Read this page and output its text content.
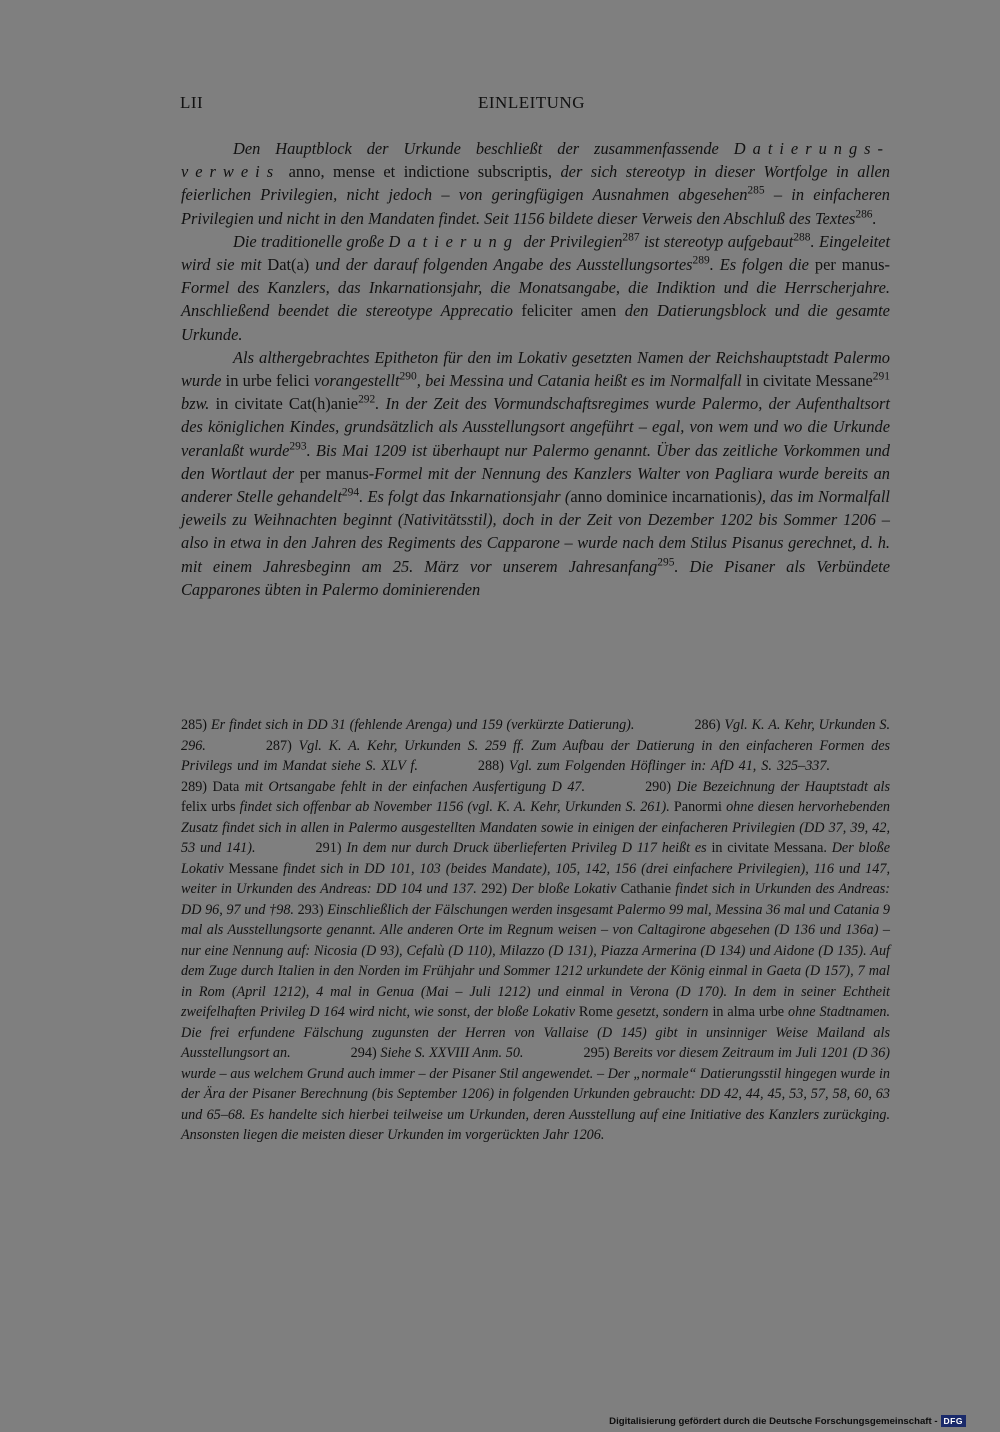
LII	EINLEITUNG

Den Hauptblock der Urkunde beschließt der zusammenfassende Datierungs-verweis anno, mense et indictione subscriptis, der sich stereotyp in dieser Wortfolge in allen feierlichen Privilegien, nicht jedoch – von geringfügigen Ausnahmen abgesehen$^{285}$ – in einfacheren Privilegien und nicht in den Mandaten findet. Seit 1156 bildete dieser Verweis den Abschluß des Textes$^{286}$.

Die traditionelle große Datierung der Privilegien$^{287}$ ist stereotyp aufgebaut$^{288}$. Eingeleitet wird sie mit Dat(a) und der darauf folgenden Angabe des Ausstellungsortes$^{289}$. Es folgen die per manus-Formel des Kanzlers, das Inkarnationsjahr, die Monatsangabe, die Indiktion und die Herrscherjahre. Anschließend beendet die stereotype Apprecatio feliciter amen den Datierungsblock und die gesamte Urkunde.

Als althergebrachtes Epitheton für den im Lokativ gesetzten Namen der Reichshauptstadt Palermo wurde in urbe felici vorangestellt$^{290}$, bei Messina und Catania heißt es im Normalfall in civitate Messane$^{291}$ bzw. in civitate Cat(h)anie$^{292}$. In der Zeit des Vormundschaftsregimes wurde Palermo, der Aufenthaltsort des königlichen Kindes, grundsätzlich als Ausstellungsort angeführt – egal, von wem und wo die Urkunde veranlaßt wurde$^{293}$. Bis Mai 1209 ist überhaupt nur Palermo genannt. Über das zeitliche Vorkommen und den Wortlaut der per manus-Formel mit der Nennung des Kanzlers Walter von Pagliara wurde bereits an anderer Stelle gehandelt$^{294}$. Es folgt das Inkarnationsjahr (anno dominice incarnationis), das im Normalfall jeweils zu Weihnachten beginnt (Nativitätsstil), doch in der Zeit von Dezember 1202 bis Sommer 1206 – also in etwa in den Jahren des Regiments des Capparone – wurde nach dem Stilus Pisanus gerechnet, d. h. mit einem Jahresbeginn am 25. März vor unserem Jahresanfang$^{295}$. Die Pisaner als Verbündete Capparones übten in Palermo dominierenden

285) Er findet sich in DD 31 (fehlende Arenga) und 159 (verkürzte Datierung).	286) Vgl. K. A. Kehr, Urkunden S. 296.	287) Vgl. K. A. Kehr, Urkunden S. 259 ff. Zum Aufbau der Datierung in den einfacheren Formen des Privilegs und im Mandat siehe S. XLV f.	288) Vgl. zum Folgenden Höflinger in: AfD 41, S. 325–337.289) Data mit Ortsangabe fehlt in der einfachen Ausfertigung D 47.	290) Die Bezeichnung der Hauptstadt als felix urbs findet sich offenbar ab November 1156 (vgl. K. A. Kehr, Urkunden S. 261). Panormi ohne diesen hervorhebenden Zusatz findet sich in allen in Palermo ausgestellten Mandaten sowie in einigen der einfacheren Privilegien (DD 37, 39, 42, 53 und 141).	291) In dem nur durch Druck überlieferten Privileg D 117 heißt es in civitate Messana. Der bloße Lokativ Messane findet sich in DD 101, 103 (beides Mandate), 105, 142, 156 (drei einfachere Privilegien), 116 und 147, weiter in Urkunden des Andreas: DD 104 und 137. 292) Der bloße Lokativ Cathanie findet sich in Urkunden des Andreas: DD 96, 97 und †98. 293) Einschließlich der Fälschungen werden insgesamt Palermo 99 mal, Messina 36 mal und Catania 9 mal als Ausstellungsorte genannt. Alle anderen Orte im Regnum weisen – von Caltagirone abgesehen (D 136 und 136a) – nur eine Nennung auf: Nicosia (D 93), Cefalù (D 110), Milazzo (D 131), Piazza Armerina (D 134) und Aidone (D 135). Auf dem Zuge durch Italien in den Norden im Frühjahr und Sommer 1212 urkundete der König einmal in Gaeta (D 157), 7 mal in Rom (April 1212), 4 mal in Genua (Mai – Juli 1212) und einmal in Verona (D 170). In dem in seiner Echtheit zweifelhaften Privileg D 164 wird nicht, wie sonst, der bloße Lokativ Rome gesetzt, sondern in alma urbe ohne Stadtnamen. Die frei erfundene Fälschung zugunsten der Herren von Vallaise (D 145) gibt in unsinniger Weise Mailand als Ausstellungsort an.	294) Siehe S. XXVIII Anm. 50.	295) Bereits vor diesem Zeitraum im Juli 1201 (D 36) wurde – aus welchem Grund auch immer – der Pisaner Stil angewendet. – Der „normale“ Datierungsstil hingegen wurde in der Ära der Pisaner Berechnung (bis September 1206) in folgenden Urkunden gebraucht: DD 42, 44, 45, 53, 57, 58, 60, 63 und 65–68. Es handelte sich hierbei teilweise um Urkunden, deren Ausstellung auf eine Initiative des Kanzlers zurückging. Ansonsten liegen die meisten dieser Urkunden im vorgerückten Jahr 1206.

Digitalisierung gefördert durch die Deutsche Forschungsgemeinschaft - DFG
